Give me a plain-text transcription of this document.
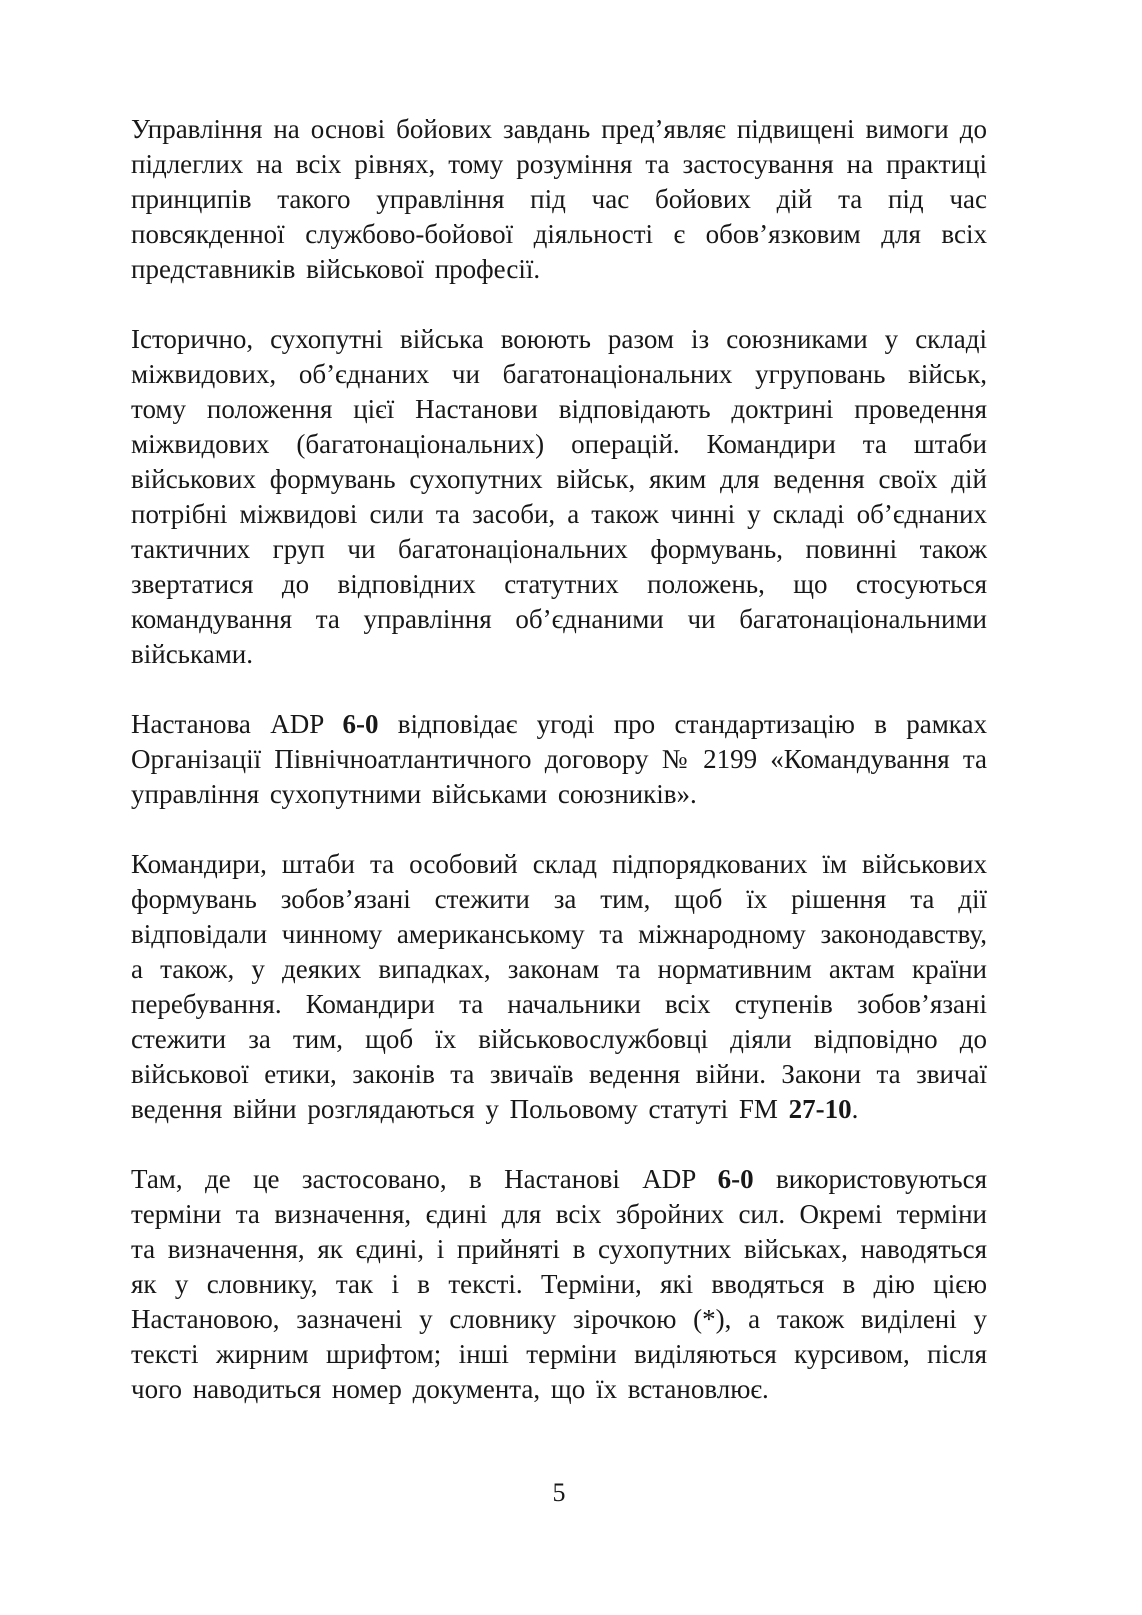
Управління на основі бойових завдань пред’являє підвищені вимоги до підлеглих на всіх рівнях, тому розуміння та застосування на практиці принципів такого управління під час бойових дій та під час повсякденної службово-бойової діяльності є обов’язковим для всіх представників військової професії.

Історично, сухопутні війська воюють разом із союзниками у складі міжвидових, об’єднаних чи багатонаціональних угруповань військ, тому положення цієї Настанови відповідають доктрині проведення міжвидових (багатонаціональних) операцій. Командири та штаби військових формувань сухопутних військ, яким для ведення своїх дій потрібні міжвидові сили та засоби, а також чинні у складі об’єднаних тактичних груп чи багатонаціональних формувань, повинні також звертатися до відповідних статутних положень, що стосуються командування та управління об’єднаними чи багатонаціональними військами.

Настанова ADP 6-0 відповідає угоді про стандартизацію в рамках Організації Північноатлантичного договору № 2199 «Командування та управління сухопутними військами союзників».

Командири, штаби та особовий склад підпорядкованих їм військових формувань зобов’язані стежити за тим, щоб їх рішення та дії відповідали чинному американському та міжнародному законодавству, а також, у деяких випадках, законам та нормативним актам країни перебування. Командири та начальники всіх ступенів зобов’язані стежити за тим, щоб їх військовослужбовці діяли відповідно до військової етики, законів та звичаїв ведення війни. Закони та звичаї ведення війни розглядаються у Польовому статуті FM 27-10.

Там, де це застосовано, в Настанові ADP 6-0 використовуються терміни та визначення, єдині для всіх збройних сил. Окремі терміни та визначення, як єдині, і прийняті в сухопутних військах, наводяться як у словнику, так і в тексті. Терміни, які вводяться в дію цією Настановою, зазначені у словнику зірочкою (*), а також виділені у тексті жирним шрифтом; інші терміни виділяються курсивом, після чого наводиться номер документа, що їх встановлює.

5
